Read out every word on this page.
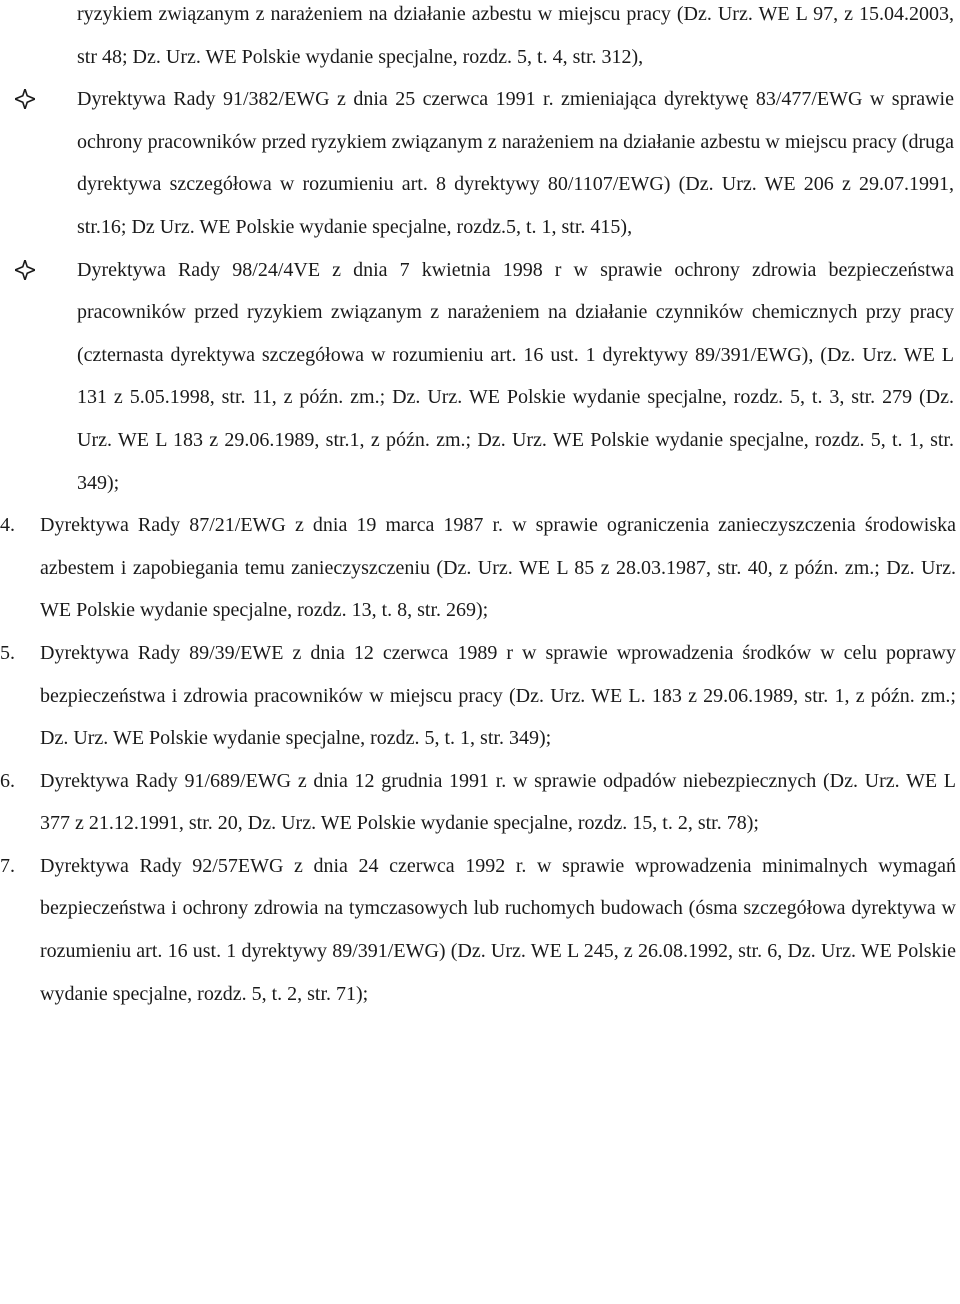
ryzykiem związanym z narażeniem na działanie azbestu w miejscu pracy (Dz. Urz. WE L 97, z 15.04.2003, str 48; Dz. Urz. WE Polskie wydanie specjalne, rozdz. 5, t. 4, str. 312),

Dyrektywa Rady 91/382/EWG z dnia 25 czerwca 1991 r. zmieniająca dyrektywę 83/477/EWG w sprawie ochrony pracowników przed ryzykiem związanym z narażeniem na działanie azbestu w miejscu pracy (druga dyrektywa szczegółowa w rozumieniu art. 8 dyrektywy 80/1107/EWG) (Dz. Urz. WE 206 z 29.07.1991, str.16; Dz Urz. WE Polskie wydanie specjalne, rozdz.5, t. 1, str. 415),
Dyrektywa Rady 98/24/4VE z dnia 7 kwietnia 1998 r w sprawie ochrony zdrowia bezpieczeństwa pracowników przed ryzykiem związanym z narażeniem na działanie czynników chemicznych przy pracy (czternasta dyrektywa szczegółowa w rozumieniu art. 16 ust. 1 dyrektywy 89/391/EWG), (Dz. Urz. WE L 131 z 5.05.1998, str. 11, z późn. zm.; Dz. Urz. WE Polskie wydanie specjalne, rozdz. 5, t. 3, str. 279 (Dz. Urz. WE L 183 z 29.06.1989, str.1, z późn. zm.; Dz. Urz. WE Polskie wydanie specjalne, rozdz. 5, t. 1, str. 349);
4.	Dyrektywa Rady 87/21/EWG z dnia 19 marca 1987 r. w sprawie ograniczenia zanieczyszczenia środowiska azbestem i zapobiegania temu zanieczyszczeniu (Dz. Urz. WE L 85 z 28.03.1987, str. 40, z późn. zm.; Dz. Urz. WE Polskie wydanie specjalne, rozdz. 13, t. 8, str. 269);
5.	Dyrektywa Rady 89/39/EWE z dnia 12 czerwca 1989 r w sprawie wprowadzenia środków w celu poprawy bezpieczeństwa i zdrowia pracowników w miejscu pracy (Dz. Urz. WE L. 183 z 29.06.1989, str. 1, z późn. zm.; Dz. Urz. WE Polskie wydanie specjalne, rozdz. 5, t. 1, str. 349);
6.	Dyrektywa Rady 91/689/EWG z dnia 12 grudnia 1991 r. w sprawie odpadów niebezpiecznych (Dz. Urz. WE L 377 z 21.12.1991, str. 20, Dz. Urz. WE Polskie wydanie specjalne, rozdz. 15, t. 2, str. 78);
7.	Dyrektywa Rady 92/57EWG z dnia 24 czerwca 1992 r. w sprawie wprowadzenia minimalnych wymagań bezpieczeństwa i ochrony zdrowia na tymczasowych lub ruchomych budowach (ósma szczegółowa dyrektywa w rozumieniu art. 16 ust. 1 dyrektywy 89/391/EWG) (Dz. Urz. WE L 245, z 26.08.1992, str. 6, Dz. Urz. WE Polskie wydanie specjalne, rozdz. 5, t. 2, str. 71);
